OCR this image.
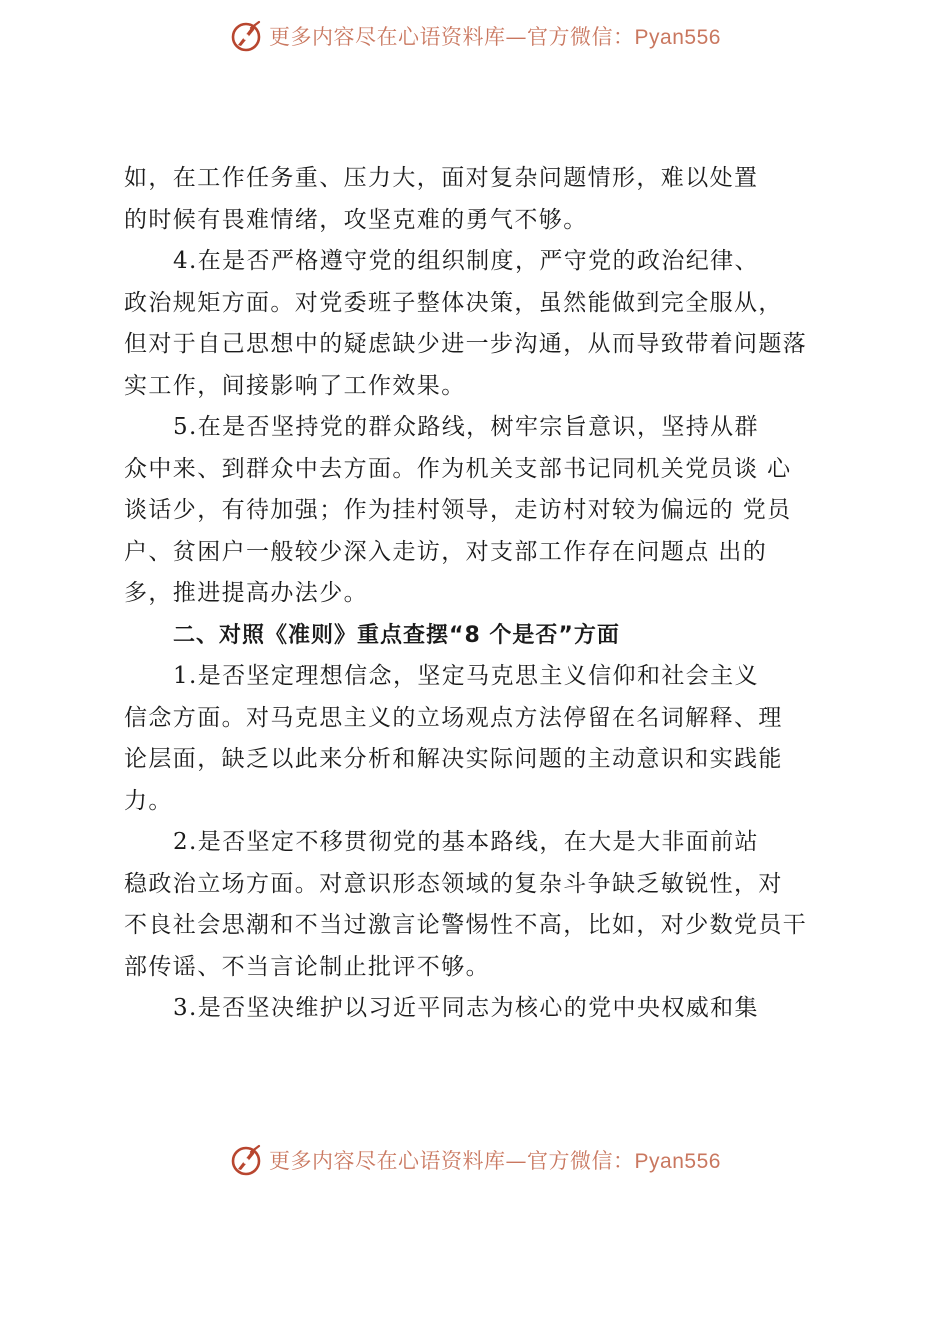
更多内容尽在心语资料库—官方微信：Pyan556
如，在工作任务重、压力大，面对复杂问题情形，难以处置
的时候有畏难情绪，攻坚克难的勇气不够。
4.在是否严格遵守党的组织制度，严守党的政治纪律、
政治规矩方面。对党委班子整体决策，虽然能做到完全服从，
但对于自己思想中的疑虑缺少进一步沟通，从而导致带着问题落
实工作，间接影响了工作效果。
5.在是否坚持党的群众路线，树牢宗旨意识，坚持从群
众中来、到群众中去方面。作为机关支部书记同机关党员谈 心
谈话少，有待加强；作为挂村领导，走访村对较为偏远的 党员
户、贫困户一般较少深入走访，对支部工作存在问题点 出的
多，推进提高办法少。
二、对照《准则》重点查摆“8 个是否”方面
1.是否坚定理想信念，坚定马克思主义信仰和社会主义
信念方面。对马克思主义的立场观点方法停留在名词解释、理
论层面，缺乏以此来分析和解决实际问题的主动意识和实践能
力。
2.是否坚定不移贯彻党的基本路线，在大是大非面前站
稳政治立场方面。对意识形态领域的复杂斗争缺乏敏锐性，对
不良社会思潮和不当过激言论警惕性不高，比如，对少数党员干
部传谣、不当言论制止批评不够。
3.是否坚决维护以习近平同志为核心的党中央权威和集
更多内容尽在心语资料库—官方微信：Pyan556
